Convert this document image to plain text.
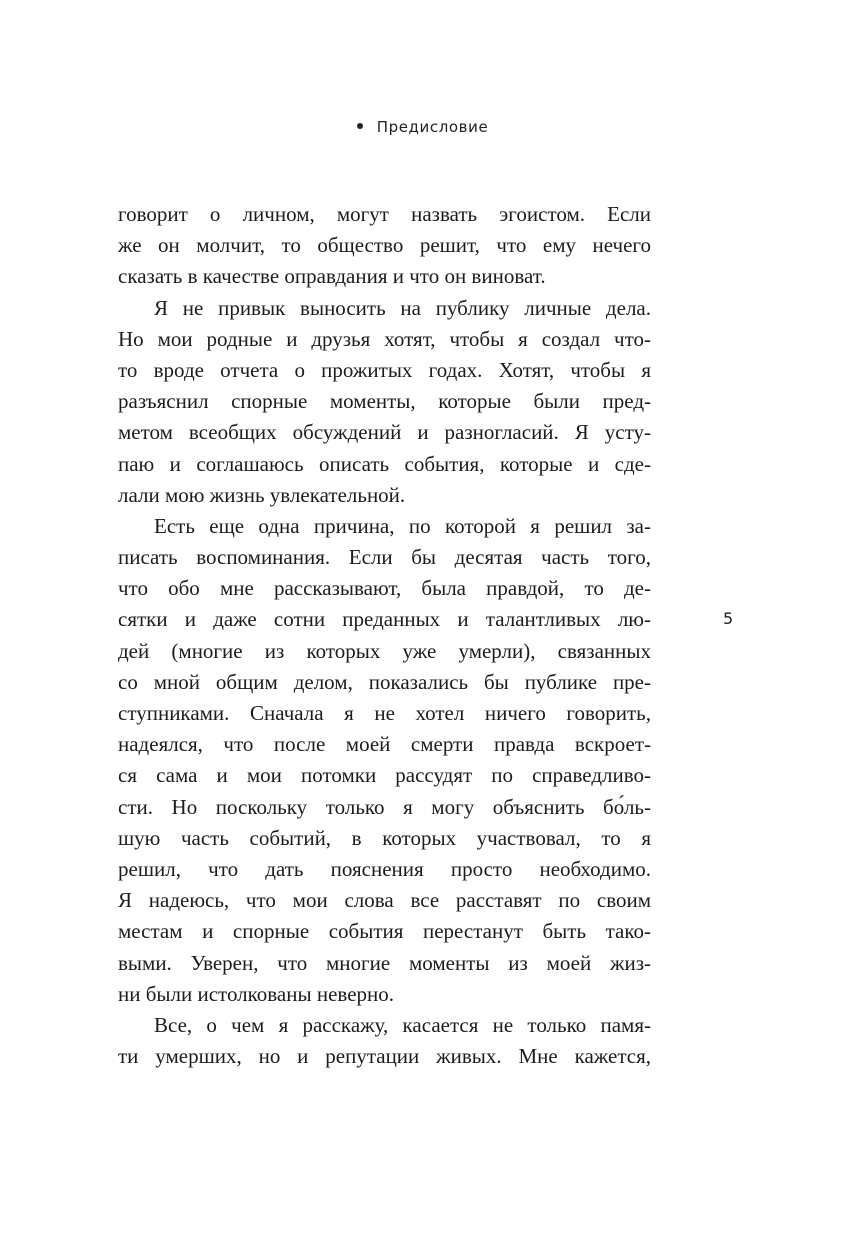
Предисловие
говорит о личном, могут назвать эгоистом. Если
же он молчит, то общество решит, что ему нечего
сказать в качестве оправдания и что он виноват.
Я не привык выносить на публику личные дела.
Но мои родные и друзья хотят, чтобы я создал что-
то вроде отчета о прожитых годах. Хотят, чтобы я
разъяснил спорные моменты, которые были пред-
метом всеобщих обсуждений и разногласий. Я усту-
паю и соглашаюсь описать события, которые и сде-
лали мою жизнь увлекательной.
Есть еще одна причина, по которой я решил за-
писать воспоминания. Если бы десятая часть того,
что обо мне рассказывают, была правдой, то де-
сятки и даже сотни преданных и талантливых лю-
дей (многие из которых уже умерли), связанных
со мной общим делом, показались бы публике пре-
ступниками. Сначала я не хотел ничего говорить,
надеялся, что после моей смерти правда вскроет-
ся сама и мои потомки рассудят по справедливо-
сти. Но поскольку только я могу объяснить бо́ль-
шую часть событий, в которых участвовал, то я
решил, что дать пояснения просто необходимо.
Я надеюсь, что мои слова все расставят по своим
местам и спорные события перестанут быть тако-
выми. Уверен, что многие моменты из моей жиз-
ни были истолкованы неверно.
Все, о чем я расскажу, касается не только памя-
ти умерших, но и репутации живых. Мне кажется,
5
